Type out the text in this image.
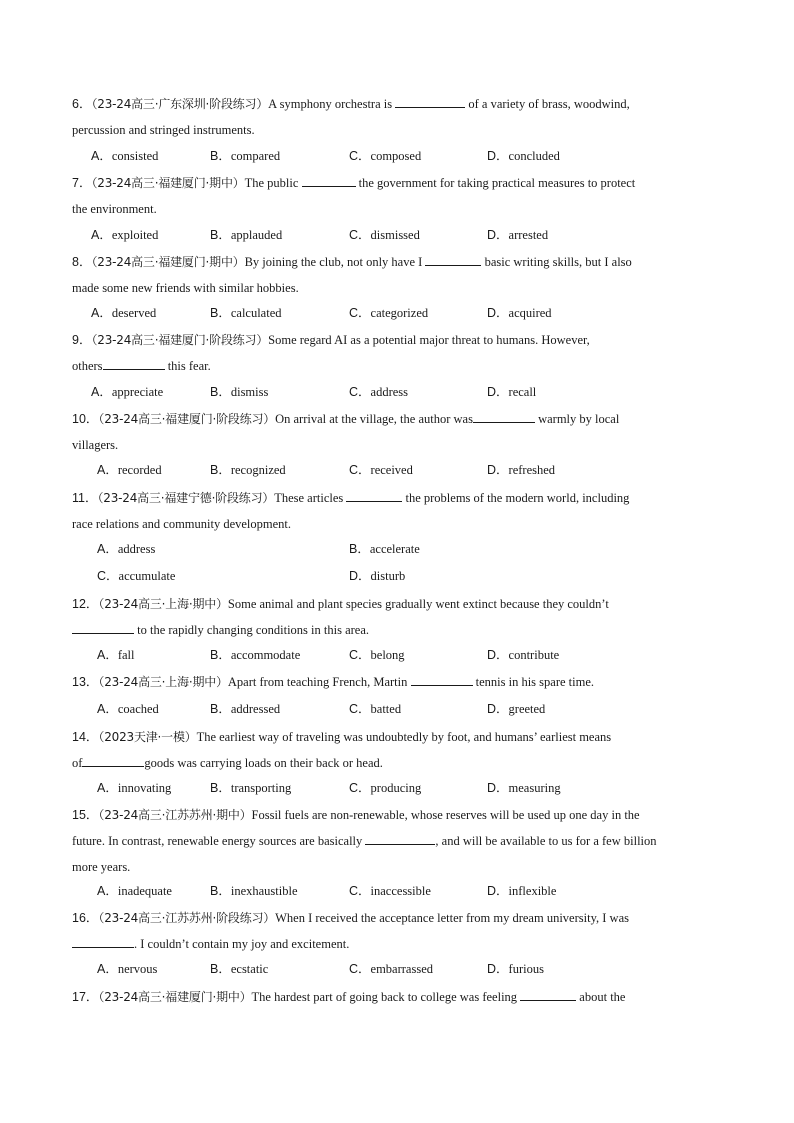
6．（23-24高三·广东深圳·阶段练习）A symphony orchestra is	of a variety of brass, woodwind,
percussion and stringed instruments.
A．consisted	B．compared	C．composed	D．concluded
7．（23-24高三·福建厦门·期中）The public	the government for taking practical measures to protect
the environment.
A．exploited	B．applauded	C．dismissed	D．arrested
8．（23-24高三·福建厦门·期中）By joining the club, not only have I	basic writing skills, but I also
made some new friends with similar hobbies.
A．deserved	B．calculated	C．categorized	D．acquired
9．（23-24高三·福建厦门·阶段练习）Some regard AI as a potential major threat to humans. However,
others	this fear.
A．appreciate	B．dismiss	C．address	D．recall
10．（23-24高三·福建厦门·阶段练习）On arrival at the village, the author was	warmly by local
villagers.
A．recorded	B．recognized	C．received	D．refreshed
11．（23-24高三·福建宁德·阶段练习）These articles	the problems of the modern world, including
race relations and community development.
A．address	B．accelerate
C．accumulate	D．disturb
12．（23-24高三·上海·期中）Some animal and plant species gradually went extinct because they couldn’t
to the rapidly changing conditions in this area.
A．fall	B．accommodate	C．belong	D．contribute
13．（23-24高三·上海·期中）Apart from teaching French, Martin	tennis in his spare time.
A．coached	B．addressed	C．batted	D．greeted
14．（2023天津·一模）The earliest way of traveling was undoubtedly by foot, and humans’ earliest means
of	goods was carrying loads on their back or head.
A．innovating	B．transporting	C．producing	D．measuring
15．（23-24高三·江苏苏州·期中）Fossil fuels are non-renewable, whose reserves will be used up one day in the
future. In contrast, renewable energy sources are basically	, and will be available to us for a few billion
more years.
A．inadequate	B．inexhaustible	C．inaccessible	D．inflexible
16．（23-24高三·江苏苏州·阶段练习）When I received the acceptance letter from my dream university, I was
. I couldn’t contain my joy and excitement.
A．nervous	B．ecstatic	C．embarrassed	D．furious
17．（23-24高三·福建厦门·期中）The hardest part of going back to college was feeling	about the
